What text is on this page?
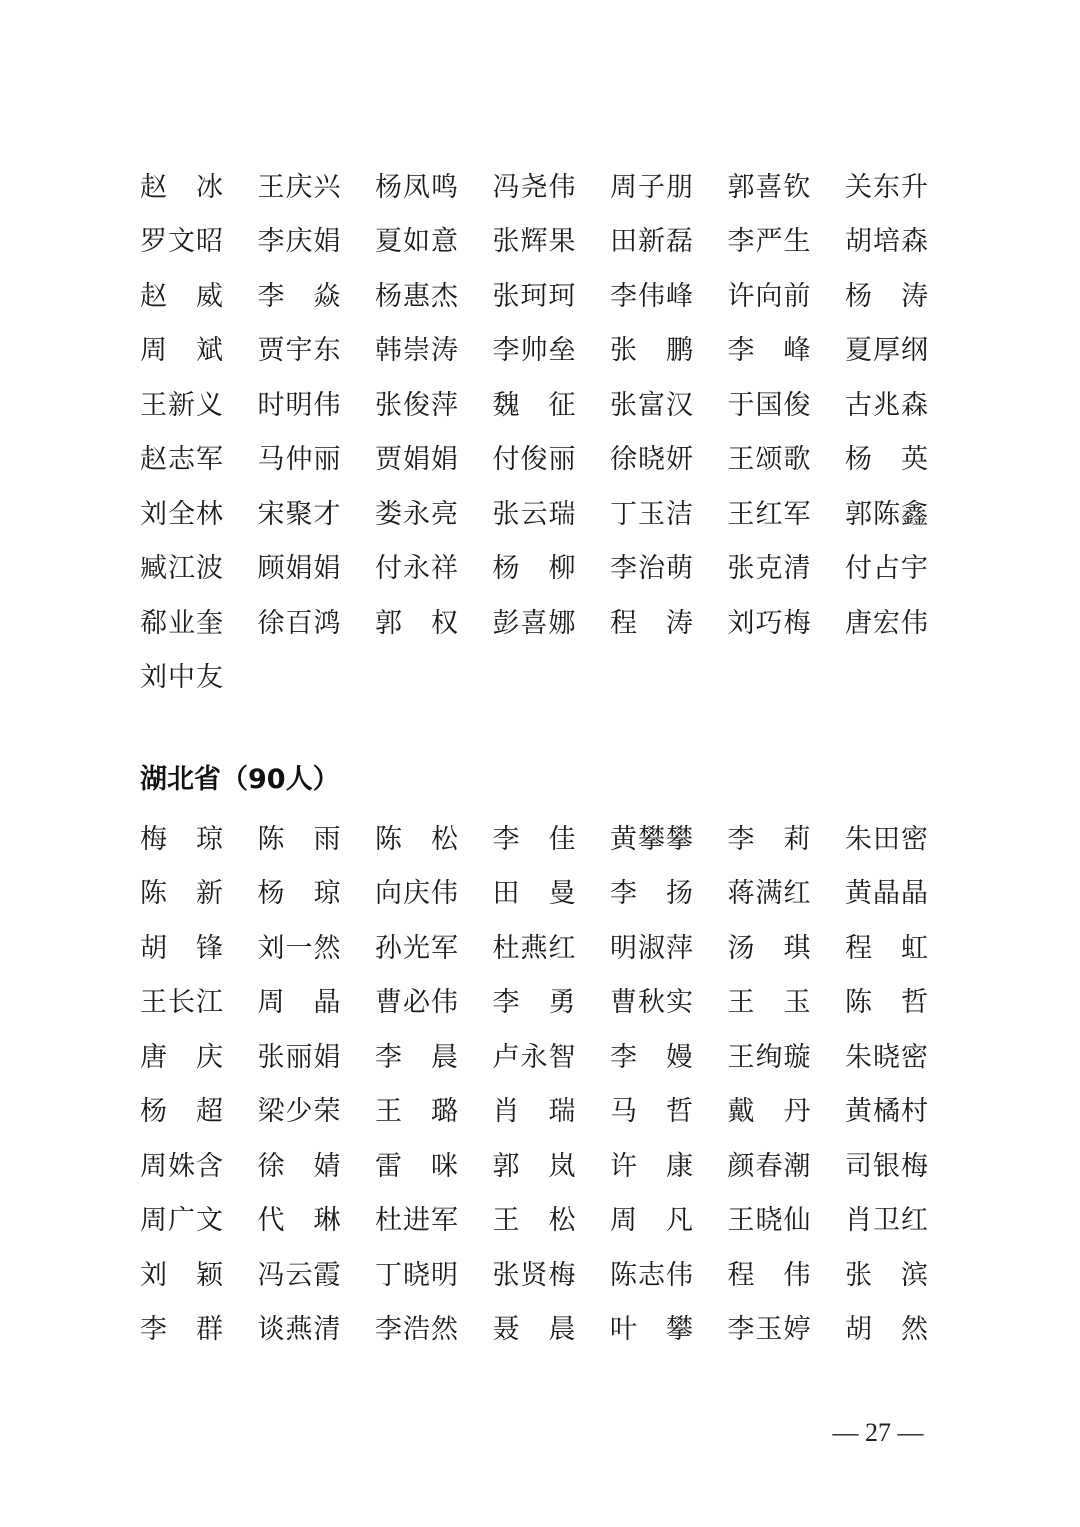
赵　冰	王庆兴	杨凤鸣	冯尧伟	周子朋	郭喜钦	关东升
罗文昭	李庆娟	夏如意	张辉果	田新磊	李严生	胡培森
赵　威	李　焱	杨惠杰	张珂珂	李伟峰	许向前	杨　涛
周　斌	贾宇东	韩崇涛	李帅垒	张　鹏	李　峰	夏厚纲
王新义	时明伟	张俊萍	魏　征	张富汉	于国俊	古兆森
赵志军	马仲丽	贾娟娟	付俊丽	徐晓妍	王颂歌	杨　英
刘全林	宋聚才	娄永亮	张云瑞	丁玉洁	王红军	郭陈鑫
臧江波	顾娟娟	付永祥	杨　柳	李治萌	张克清	付占宇
郗业奎	徐百鸿	郭　权	彭喜娜	程　涛	刘巧梅	唐宏伟
刘中友
湖北省（90人）
梅　琼	陈　雨	陈　松	李　佳	黄攀攀	李　莉	朱田密
陈　新	杨　琼	向庆伟	田　曼	李　扬	蒋满红	黄晶晶
胡　锋	刘一然	孙光军	杜燕红	明淑萍	汤　琪	程　虹
王长江	周　晶	曹必伟	李　勇	曹秋实	王　玉	陈　哲
唐　庆	张丽娟	李　晨	卢永智	李　嫚	王绚璇	朱晓密
杨　超	梁少荣	王　璐	肖　瑞	马　哲	戴　丹	黄橘村
周姝含	徐　婧	雷　咪	郭　岚	许　康	颜春潮	司银梅
周广文	代　琳	杜进军	王　松	周　凡	王晓仙	肖卫红
刘　颖	冯云霞	丁晓明	张贤梅	陈志伟	程　伟	张　滨
李　群	谈燕清	李浩然	聂　晨	叶　攀	李玉婷	胡　然
— 27 —
